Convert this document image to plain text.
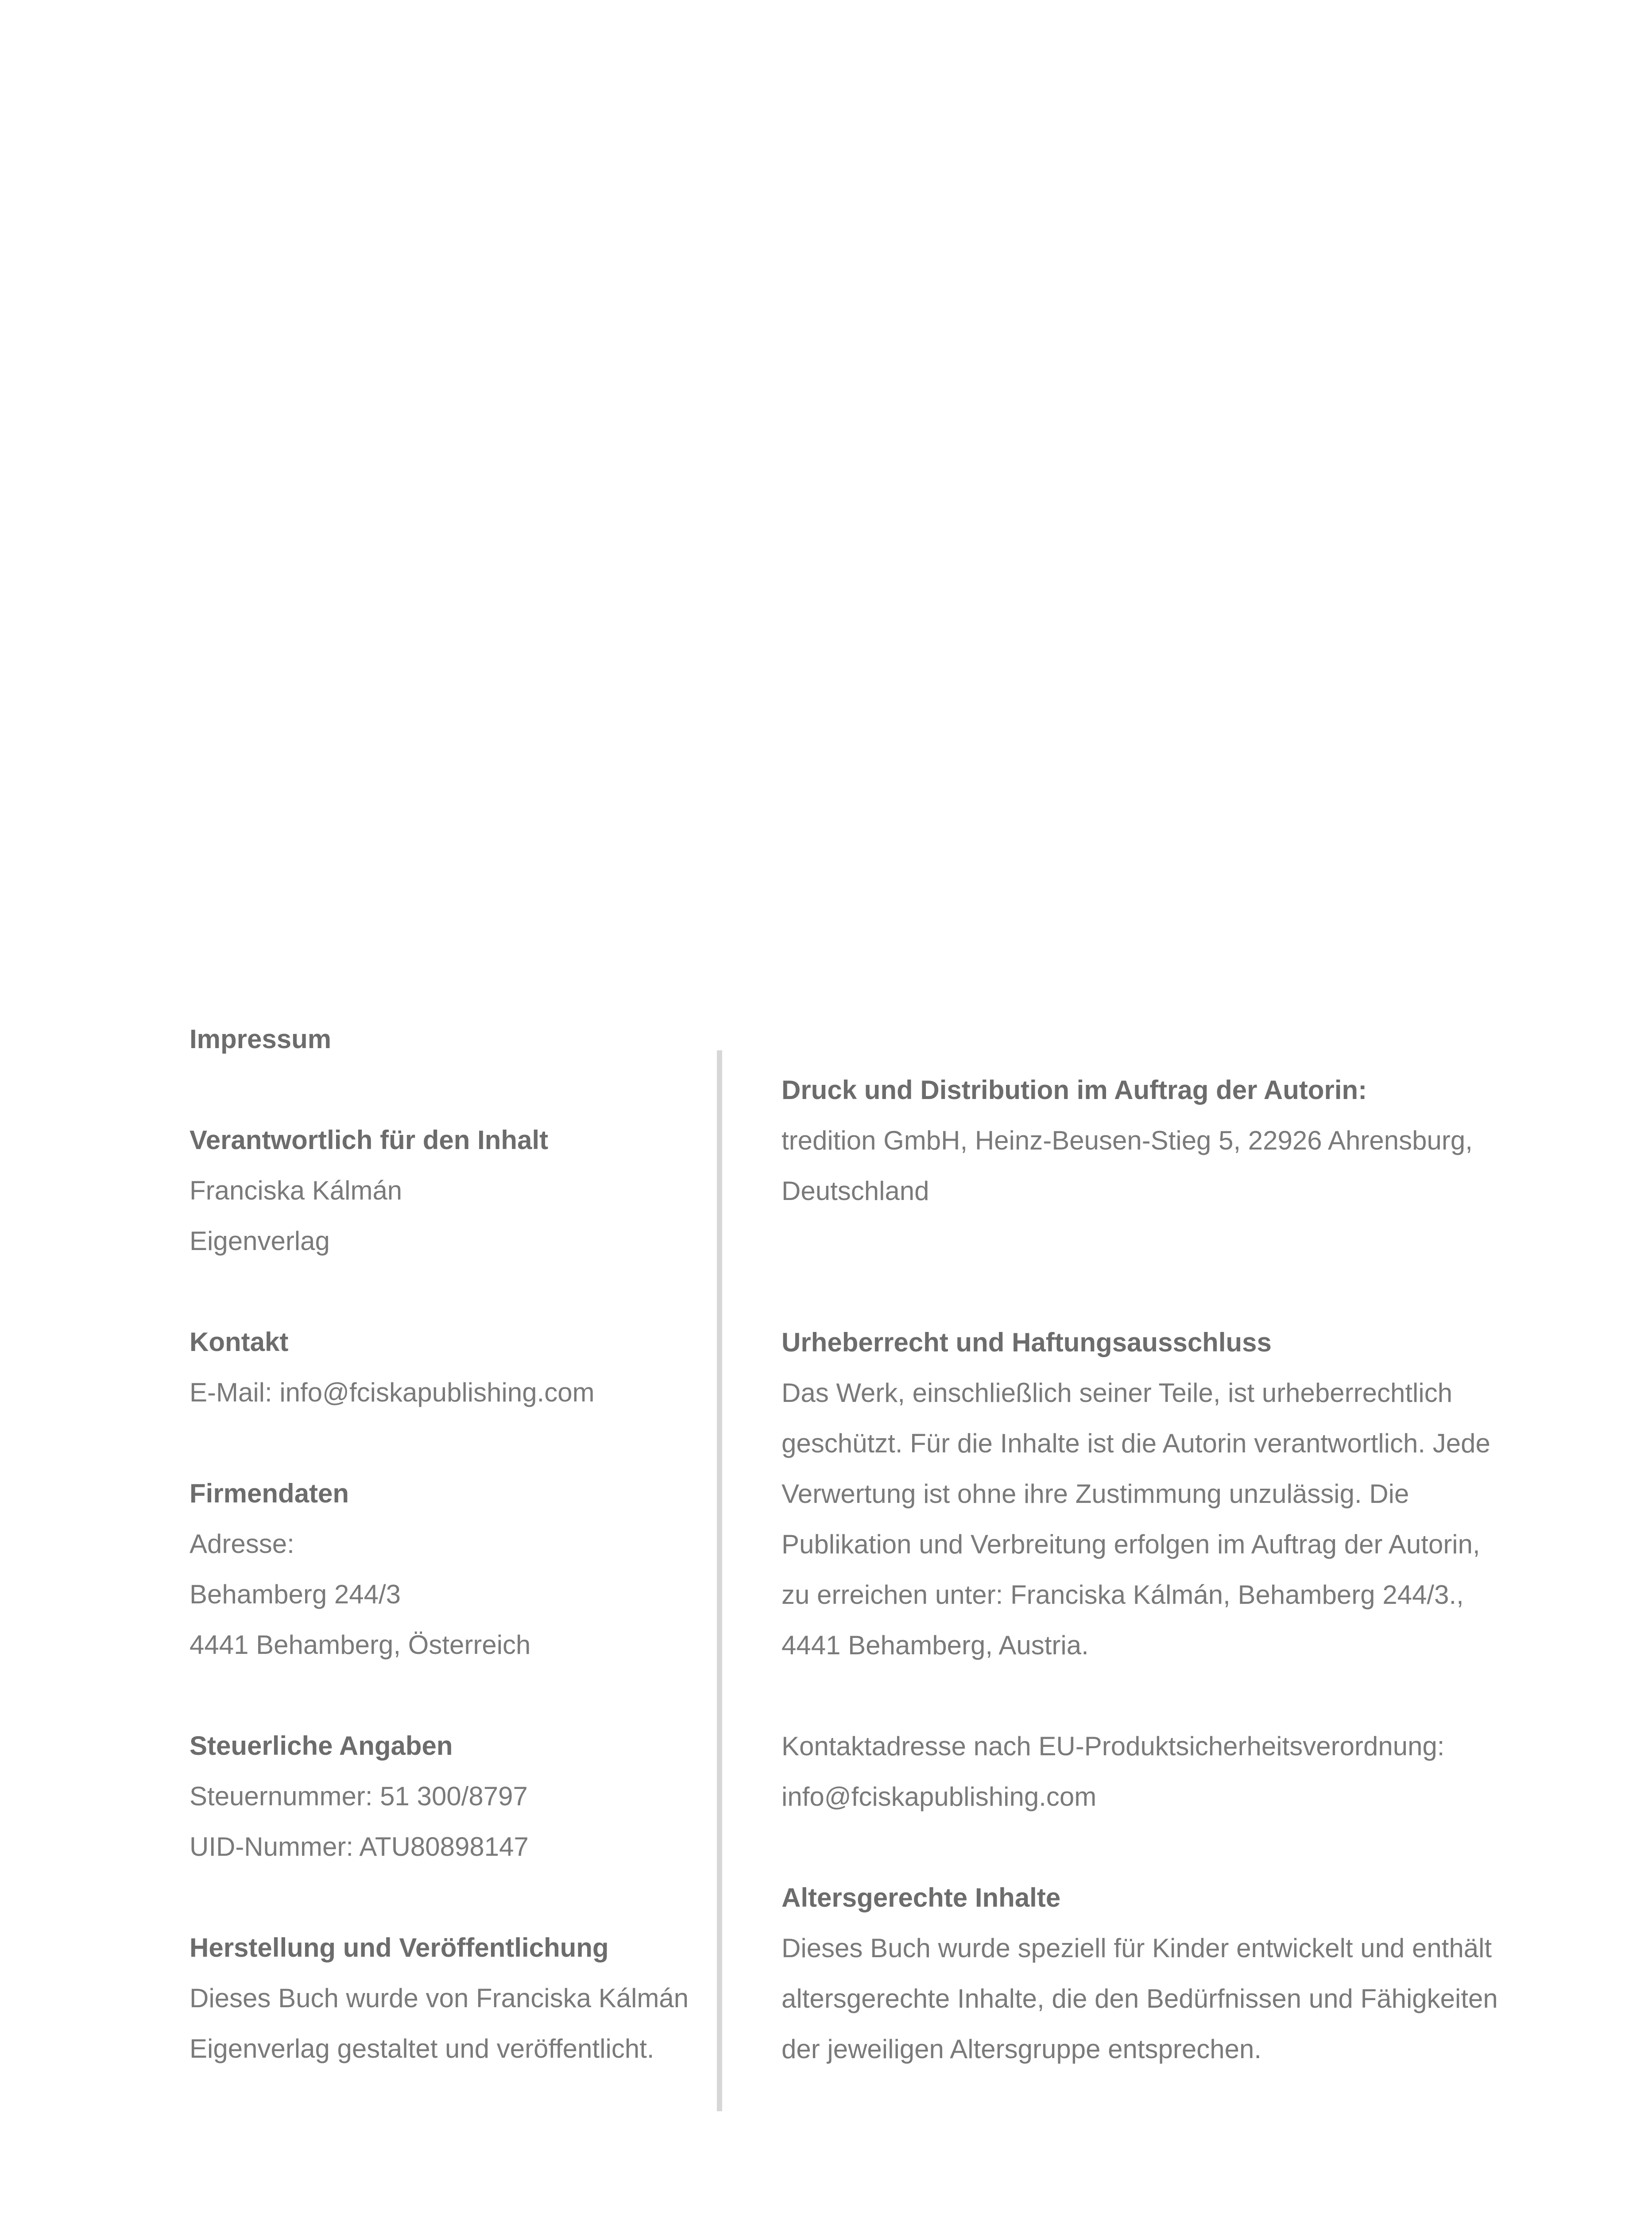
Impressum
Verantwortlich für den Inhalt
Franciska Kálmán
Eigenverlag
Kontakt
E-Mail: info@fciskapublishing.com
Firmendaten
Adresse:
Behamberg 244/3
4441 Behamberg, Österreich
Steuerliche Angaben
Steuernummer: 51 300/8797
UID-Nummer: ATU80898147
Herstellung und Veröffentlichung
Dieses Buch wurde von Franciska Kálmán
Eigenverlag gestaltet und veröffentlicht.
Druck und Distribution im Auftrag der Autorin:
tredition GmbH, Heinz-Beusen-Stieg 5, 22926 Ahrensburg,
Deutschland
Urheberrecht und Haftungsausschluss
Das Werk, einschließlich seiner Teile, ist urheberrechtlich
geschützt. Für die Inhalte ist die Autorin verantwortlich. Jede
Verwertung ist ohne ihre Zustimmung unzulässig. Die
Publikation und Verbreitung erfolgen im Auftrag der Autorin,
zu erreichen unter: Franciska Kálmán, Behamberg 244/3.,
4441 Behamberg, Austria.
Kontaktadresse nach EU-Produktsicherheitsverordnung:
info@fciskapublishing.com
Altersgerechte Inhalte
Dieses Buch wurde speziell für Kinder entwickelt und enthält
altersgerechte Inhalte, die den Bedürfnissen und Fähigkeiten
der jeweiligen Altersgruppe entsprechen.
